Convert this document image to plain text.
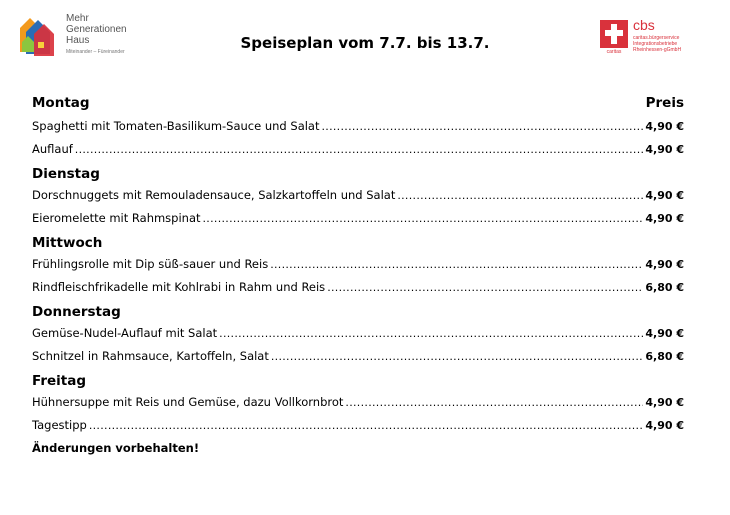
Mehr
Generationen
Haus
Miteinander – Füreinander	Speiseplan vom 7.7. bis 13.7.	caritas
cbs
caritas.bürgerservice
Integrationsbetriebe
Rheinhessen-gGmbH
Montag	Preis
Spaghetti mit Tomaten-Basilikum-Sauce und Salat .....	4,90 €
Auflauf .....	4,90 €
Dienstag
Dorschnuggets mit Remouladensauce, Salzkartoffeln und Salat .....	4,90 €
Eieromelette mit Rahmspinat .....	4,90 €
Mittwoch
Frühlingsrolle mit Dip süß-sauer und Reis .....	4,90 €
Rindfleischfrikadelle mit Kohlrabi in Rahm und Reis .....	6,80 €
Donnerstag
Gemüse-Nudel-Auflauf mit Salat .....	4,90 €
Schnitzel in Rahmsauce, Kartoffeln, Salat .....	6,80 €
Freitag
Hühnersuppe mit Reis und Gemüse, dazu Vollkornbrot .....	4,90 €
Tagestipp .....	4,90 €
Änderungen vorbehalten!
